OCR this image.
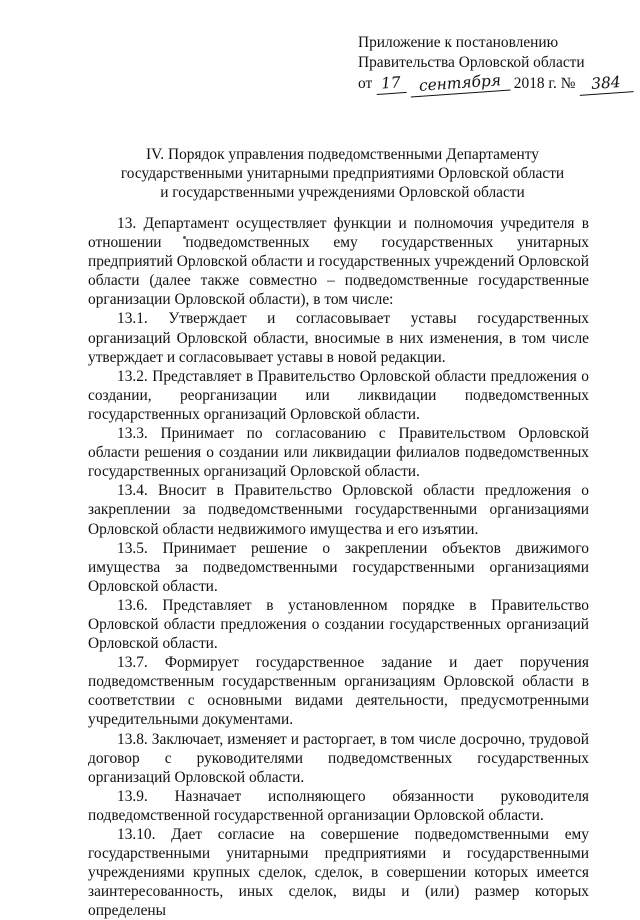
Приложение к постановлению
Правительства Орловской области
от 17 сентября 2018 г. № 384
IV. Порядок управления подведомственными Департаменту
государственными унитарными предприятиями Орловской области
и государственными учреждениями Орловской области

13. Департамент осуществляет функции и полномочия учредителя в отношении подведомственных ему государственных унитарных предприятий Орловской области и государственных учреждений Орловской области (далее также совместно – подведомственные государственные организации Орловской области), в том числе:

13.1. Утверждает и согласовывает уставы государственных организаций Орловской области, вносимые в них изменения, в том числе утверждает и согласовывает уставы в новой редакции.

13.2. Представляет в Правительство Орловской области предложения о создании, реорганизации или ликвидации подведомственных государственных организаций Орловской области.

13.3. Принимает по согласованию с Правительством Орловской области решения о создании или ликвидации филиалов подведомственных государственных организаций Орловской области.

13.4. Вносит в Правительство Орловской области предложения о закреплении за подведомственными государственными организациями Орловской области недвижимого имущества и его изъятии.

13.5. Принимает решение о закреплении объектов движимого имущества за подведомственными государственными организациями Орловской области.

13.6. Представляет в установленном порядке в Правительство Орловской области предложения о создании государственных организаций Орловской области.

13.7. Формирует государственное задание и дает поручения подведомственным государственным организациям Орловской области в соответствии с основными видами деятельности, предусмотренными учредительными документами.

13.8. Заключает, изменяет и расторгает, в том числе досрочно, трудовой договор с руководителями подведомственных государственных организаций Орловской области.

13.9. Назначает исполняющего обязанности руководителя подведомственной государственной организации Орловской области.

13.10. Дает согласие на совершение подведомственными ему государственными унитарными предприятиями и государственными учреждениями крупных сделок, сделок, в совершении которых имеется заинтересованность, иных сделок, виды и (или) размер которых определены
